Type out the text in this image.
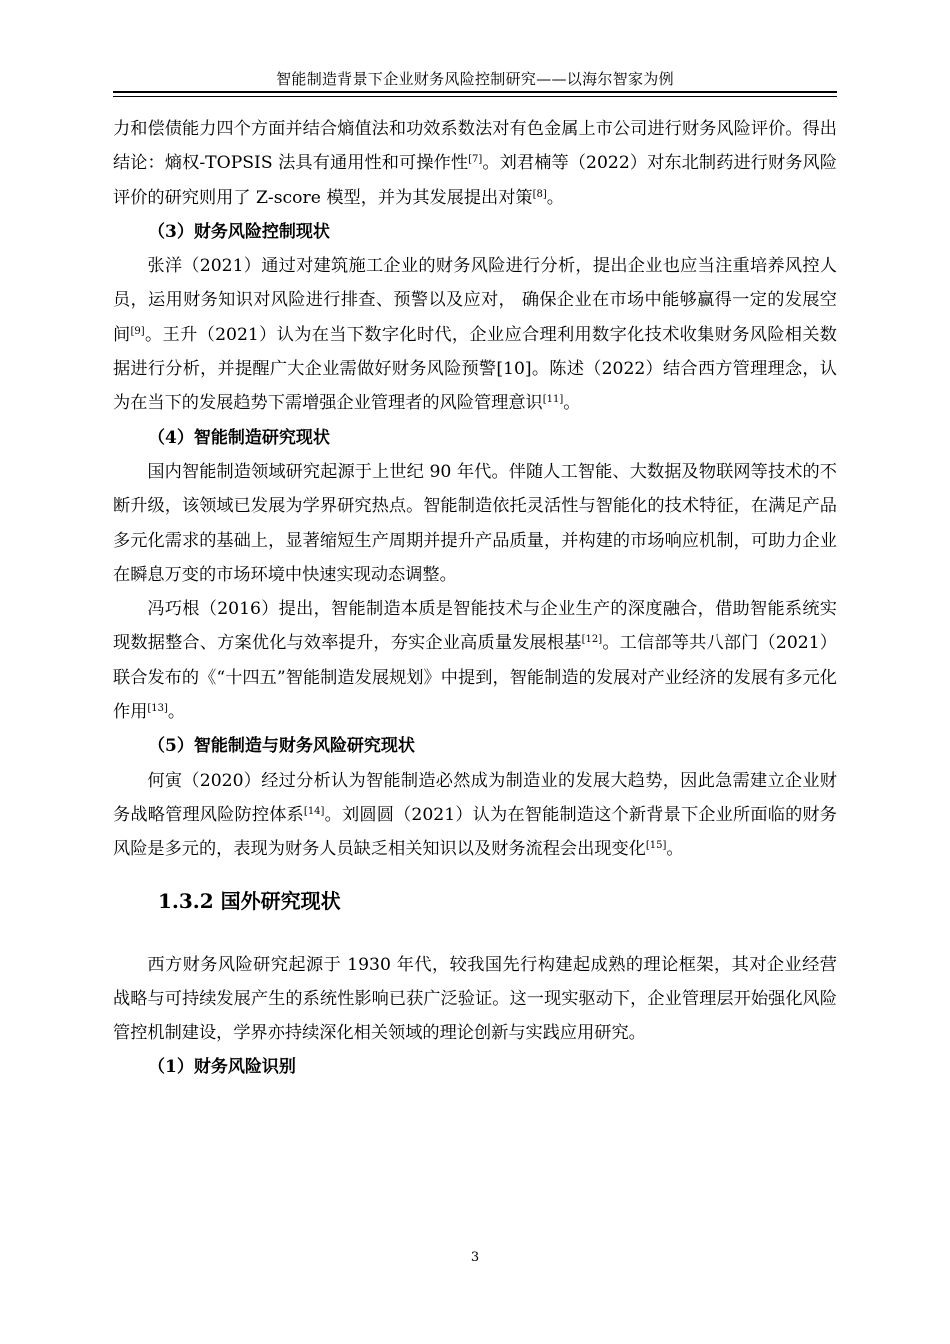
智能制造背景下企业财务风险控制研究——以海尔智家为例

力和偿债能力四个方面并结合熵值法和功效系数法对有色金属上市公司进行财务风险评价。得出结论：熵权-TOPSIS 法具有通用性和可操作性[7]。刘君楠等（2022）对东北制药进行财务风险评价的研究则用了 Z-score 模型，并为其发展提出对策[8]。

（3）财务风险控制现状

张洋（2021）通过对建筑施工企业的财务风险进行分析，提出企业也应当注重培养风控人员，运用财务知识对风险进行排查、预警以及应对， 确保企业在市场中能够赢得一定的发展空间[9]。王升（2021）认为在当下数字化时代，企业应合理利用数字化技术收集财务风险相关数据进行分析，并提醒广大企业需做好财务风险预警[10]。陈述（2022）结合西方管理理念，认为在当下的发展趋势下需增强企业管理者的风险管理意识[11]。

（4）智能制造研究现状

国内智能制造领域研究起源于上世纪 90 年代。伴随人工智能、大数据及物联网等技术的不断升级，该领域已发展为学界研究热点。智能制造依托灵活性与智能化的技术特征，在满足产品多元化需求的基础上，显著缩短生产周期并提升产品质量，并构建的市场响应机制，可助力企业在瞬息万变的市场环境中快速实现动态调整。

冯巧根（2016）提出，智能制造本质是智能技术与企业生产的深度融合，借助智能系统实现数据整合、方案优化与效率提升，夯实企业高质量发展根基[12]。工信部等共八部门（2021）联合发布的《“十四五”智能制造发展规划》中提到，智能制造的发展对产业经济的发展有多元化作用[13]。

（5）智能制造与财务风险研究现状

何寅（2020）经过分析认为智能制造必然成为制造业的发展大趋势，因此急需建立企业财务战略管理风险防控体系[14]。刘圆圆（2021）认为在智能制造这个新背景下企业所面临的财务风险是多元的，表现为财务人员缺乏相关知识以及财务流程会出现变化[15]。

1.3.2 国外研究现状

西方财务风险研究起源于 1930 年代，较我国先行构建起成熟的理论框架，其对企业经营战略与可持续发展产生的系统性影响已获广泛验证。这一现实驱动下，企业管理层开始强化风险管控机制建设，学界亦持续深化相关领域的理论创新与实践应用研究。

（1）财务风险识别

3
